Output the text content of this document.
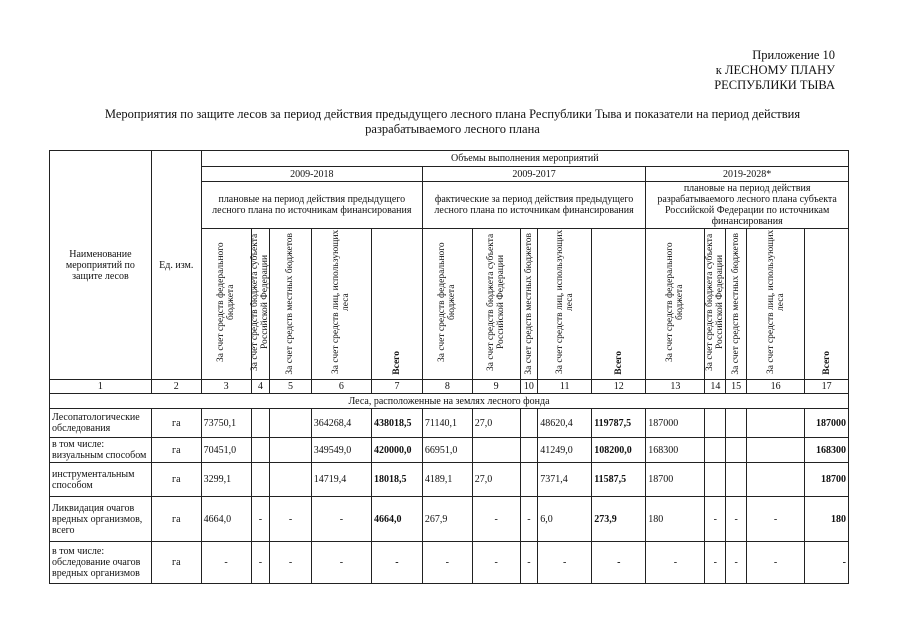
Приложение 10
к ЛЕСНОМУ ПЛАНУ
РЕСПУБЛИКИ ТЫВА
Мероприятия по защите лесов за период действия предыдущего лесного плана Республики Тыва и показатели на период действия разрабатываемого лесного плана
Наименование мероприятий по защите лесов	Ед. изм.	Объемы выполнения мероприятий														
		2009-2018					2009-2017					2019-2028*				
		плановые на период действия предыдущего лесного плана по источникам финансирования					фактические за период действия предыдущего лесного плана по источникам финансирования					плановые на период действия разрабатываемого лесного плана субъекта Российской Федерации по источникам финансирования				

		За счет средств федерального бюджета	За счет средств бюджета субъекта Российской Федерации	За счет средств местных бюджетов	За счет средств лиц, использующих леса	Всего	За счет средств федерального бюджета	За счет средств бюджета субъекта Российской Федерации	За счет средств местных бюджетов	За счет средств лиц, использующих леса	Всего	За счет средств федерального бюджета	За счет средств бюджета субъекта Российской Федерации	За счет средств местных бюджетов	За счет средств лиц, использующих леса	Всего

1	2	3	4	5	6	7	8	9	10	11	12	13	14	15	16	17
Леса, расположенные на землях лесного фонда																
Лесопатологические обследования	га	73750,1			364268,4	438018,5	71140,1	27,0		48620,4	119787,5	187000				187000
в том числе: визуальным способом	га	70451,0			349549,0	420000,0	66951,0			41249,0	108200,0	168300				168300
инструментальным способом	га	3299,1			14719,4	18018,5	4189,1	27,0		7371,4	11587,5	18700				18700
Ликвидация очагов вредных организмов, всего	га	4664,0	-	-	-	4664,0	267,9	-	-	6,0	273,9	180	-	-	-	180
в том числе: обследование очагов вредных организмов	га	-	-	-	-	-	-	-	-	-	-	-	-	-	-	-
